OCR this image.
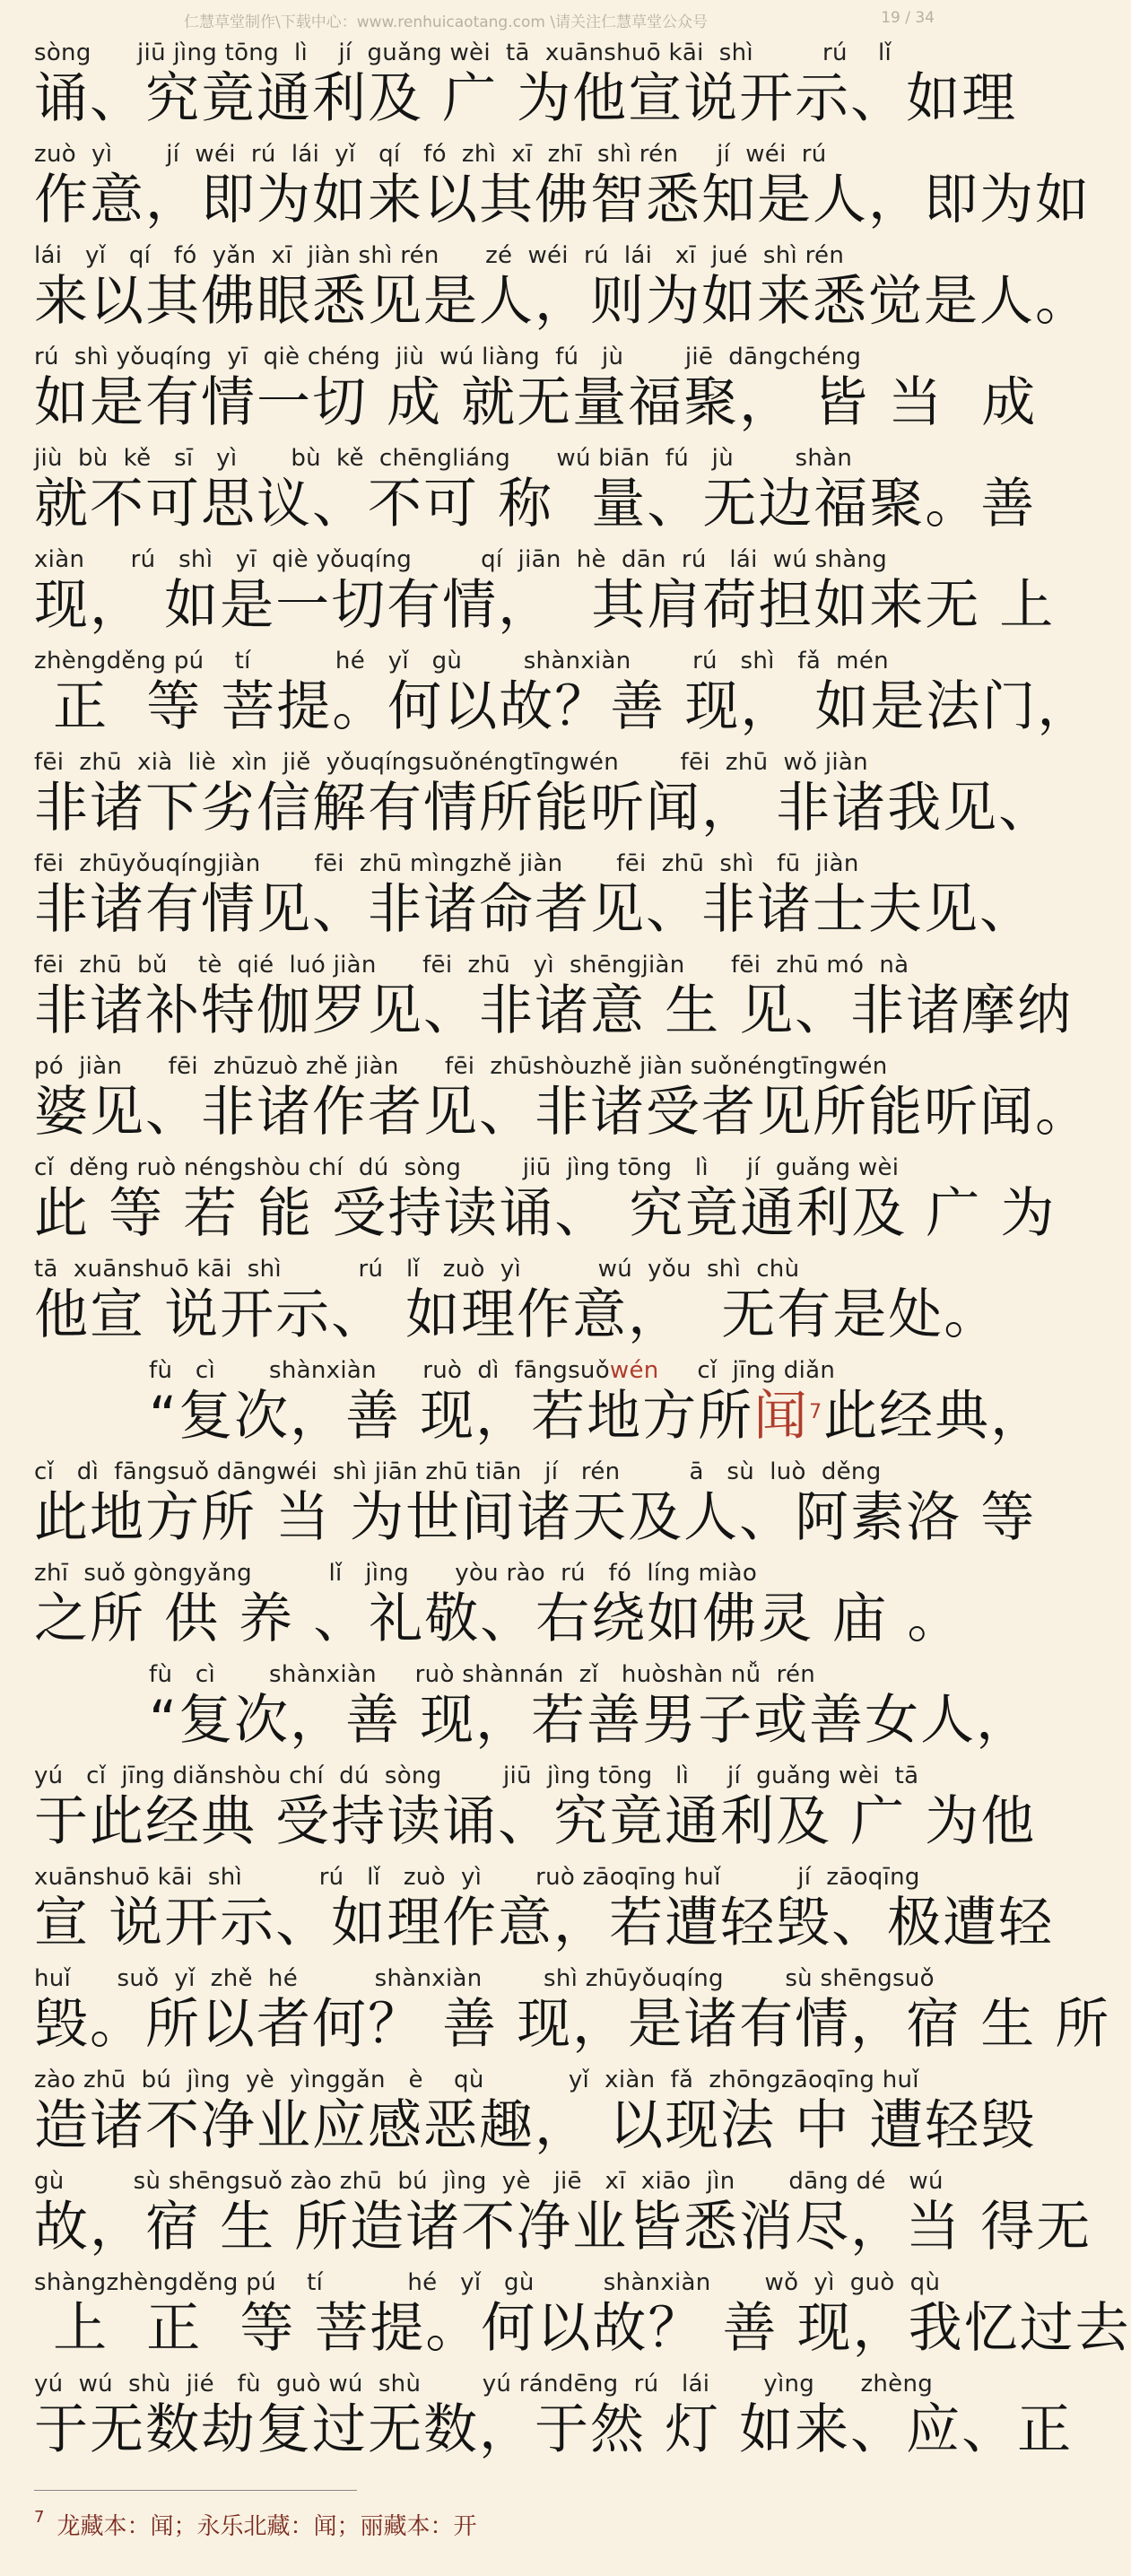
仁慧草堂制作\下载中心：www.renhuicaotang.com \请关注仁慧草堂公众号	19 / 34
sòng      jiū jìng tōng  lì    jí  guǎng wèi  tā  xuānshuō kāi  shì         rú    lǐ
诵、究竟通利及 广 为他宣说开示、如理
zuò  yì       jí  wéi  rú  lái  yǐ   qí   fó  zhì  xī  zhī  shì rén     jí  wéi  rú
作意，即为如来以其佛智悉知是人，即为如
lái   yǐ   qí   fó  yǎn  xī  jiàn shì rén      zé  wéi  rú  lái   xī  jué  shì rén
来以其佛眼悉见是人，则为如来悉觉是人。
rú  shì yǒuqíng  yī  qiè chéng  jiù  wú liàng  fú   jù        jiē  dāngchéng
如是有情一切 成 就无量福聚， 皆 当  成
jiù  bù  kě   sī   yì       bù  kě  chēngliáng      wú biān  fú   jù        shàn
就不可思议、不可 称  量、无边福聚。善
xiàn      rú   shì   yī  qiè yǒuqíng         qí  jiān  hè  dān  rú   lái  wú shàng
现， 如是一切有情，  其肩荷担如来无 上
zhèngděng pú    tí           hé   yǐ   gù        shànxiàn        rú   shì   fǎ  mén
正  等 菩提。何以故？善 现， 如是法门，
fēi  zhū  xià  liè  xìn  jiě  yǒuqíngsuǒnéngtīngwén        fēi  zhū  wǒ jiàn
非诸下劣信解有情所能听闻， 非诸我见、
fēi  zhūyǒuqíngjiàn       fēi  zhū mìngzhě jiàn       fēi  zhū  shì   fū  jiàn
非诸有情见、非诸命者见、非诸士夫见、
fēi  zhū  bǔ    tè  qié  luó jiàn      fēi  zhū   yì  shēngjiàn      fēi  zhū mó  nà
非诸补特伽罗见、非诸意 生 见、非诸摩纳
pó  jiàn      fēi  zhūzuò zhě jiàn      fēi  zhūshòuzhě jiàn suǒnéngtīngwén
婆见、非诸作者见、非诸受者见所能听闻。
cǐ  děng ruò néngshòu chí  dú  sòng        jiū  jìng tōng   lì     jí  guǎng wèi
此 等 若 能 受持读诵、 究竟通利及 广 为
tā  xuānshuō kāi  shì          rú   lǐ   zuò  yì          wú  yǒu  shì  chù
他宣 说开示、 如理作意，  无有是处。
fù   cì       shànxiàn      ruò  dì  fāngsuǒwén     cǐ  jīng diǎn
“复次，善 现，若地方所闻$^7$此经典，
cǐ   dì  fāngsuǒ dāngwéi  shì jiān zhū tiān   jí   rén         ā   sù  luò  děng
此地方所 当 为世间诸天及人、阿素洛 等
zhī  suǒ gòngyǎng          lǐ   jìng      yòu rào  rú   fó  líng miào
之所 供 养 、礼敬、右绕如佛灵 庙 。
fù   cì       shànxiàn     ruò shànnán  zǐ   huòshàn nǚ  rén
“复次，善 现，若善男子或善女人，
yú   cǐ  jīng diǎnshòu chí  dú  sòng        jiū  jìng tōng   lì     jí  guǎng wèi  tā
于此经典 受持读诵、究竟通利及 广 为他
xuānshuō kāi  shì          rú   lǐ   zuò  yì       ruò zāoqīng huǐ          jí  zāoqīng
宣 说开示、如理作意，若遭轻毁、极遭轻
huǐ      suǒ  yǐ  zhě  hé          shànxiàn        shì zhūyǒuqíng        sù shēngsuǒ
毁。所以者何？ 善 现，是诸有情，宿 生 所
zào zhū  bú  jìng  yè  yìnggǎn   è    qù           yǐ  xiàn  fǎ  zhōngzāoqīng huǐ
造诸不净业应感恶趣， 以现法 中 遭轻毁
gù         sù shēngsuǒ zào zhū  bú  jìng  yè   jiē   xī  xiāo  jìn       dāng dé   wú
故，宿 生 所造诸不净业皆悉消尽，当 得无
shàngzhèngděng pú    tí           hé   yǐ   gù         shànxiàn       wǒ  yì  guò  qù
上  正  等 菩提。何以故？ 善 现，我忆过去
yú  wú  shù  jié   fù  guò wú  shù        yú rándēng  rú   lái       yìng      zhèng
于无数劫复过无数，于然 灯 如来、应、正
$^7$ 龙藏本：闻；永乐北藏：闻；丽藏本：开
